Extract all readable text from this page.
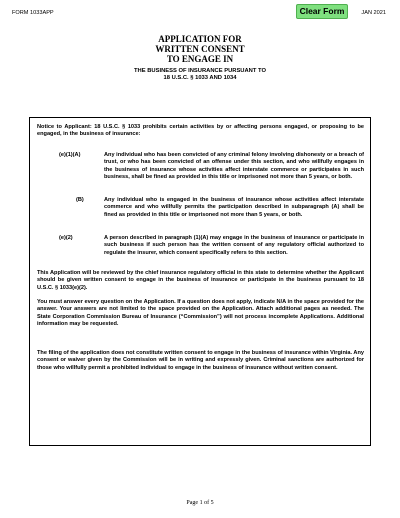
FORM 1033APP	Clear Form	JAN 2021
APPLICATION FOR
WRITTEN CONSENT
TO ENGAGE IN
THE BUSINESS OF INSURANCE PURSUANT TO
18 U.S.C. § 1033 AND 1034
Notice to Applicant: 18 U.S.C. § 1033 prohibits certain activities by or affecting persons engaged, or proposing to be engaged, in the business of insurance:
(e)(1)(A)	Any individual who has been convicted of any criminal felony involving dishonesty or a breach of trust, or who has been convicted of an offense under this section, and who willfully engages in the business of insurance whose activities affect interstate commerce or participates in such business, shall be fined as provided in this title or imprisoned not more than 5 years, or both.
(B)	Any individual who is engaged in the business of insurance whose activities affect interstate commerce and who willfully permits the participation described in subparagraph (A) shall be fined as provided in this title or imprisoned not more than 5 years, or both.
(e)(2)	A person described in paragraph (1)(A) may engage in the business of insurance or participate in such business if such person has the written consent of any regulatory official authorized to regulate the insurer, which consent specifically refers to this section.
This Application will be reviewed by the chief insurance regulatory official in this state to determine whether the Applicant should be given written consent to engage in the business of insurance or participate in the business pursuant to 18 U.S.C. § 1033(e)(2).
You must answer every question on the Application. If a question does not apply, indicate N/A in the space provided for the answer. Your answers are not limited to the space provided on the Application. Attach additional pages as needed. The State Corporation Commission Bureau of Insurance (“Commission”) will not process incomplete Applications. Additional information may be requested.
The filing of the application does not constitute written consent to engage in the business of insurance within Virginia. Any consent or waiver given by the Commission will be in writing and expressly given. Criminal sanctions are authorized for those who willfully permit a prohibited individual to engage in the business of insurance without written consent.
Page 1 of 5
